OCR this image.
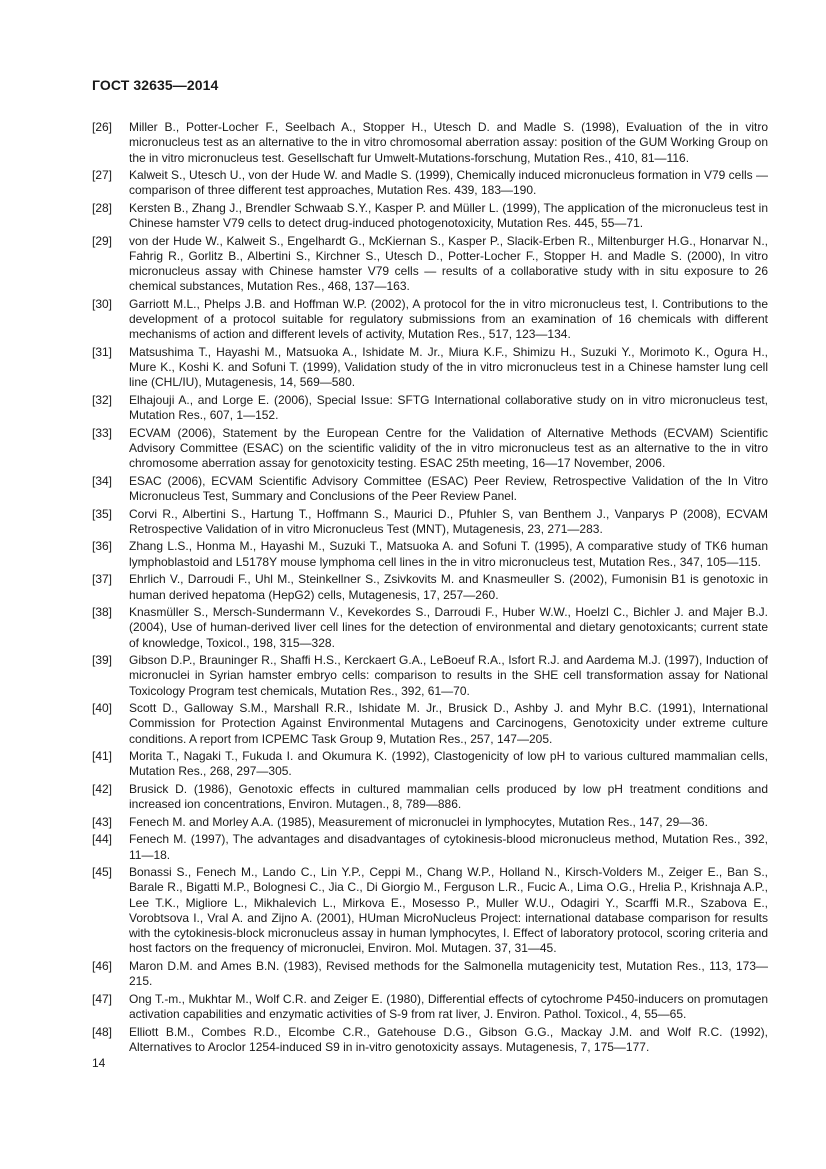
ГОСТ 32635—2014
[26]	Miller B., Potter-Locher F., Seelbach A., Stopper H., Utesch D. and Madle S. (1998), Evaluation of the in vitro micronucleus test as an alternative to the in vitro chromosomal aberration assay: position of the GUM Working Group on the in vitro micronucleus test. Gesellschaft fur Umwelt-Mutations-forschung, Mutation Res., 410, 81—116.
[27]	Kalweit S., Utesch U., von der Hude W. and Madle S. (1999), Chemically induced micronucleus formation in V79 cells — comparison of three different test approaches, Mutation Res. 439, 183—190.
[28]	Kersten B., Zhang J., Brendler Schwaab S.Y., Kasper P. and Müller L. (1999), The application of the micronucleus test in Chinese hamster V79 cells to detect drug-induced photogenotoxicity, Mutation Res. 445, 55—71.
[29]	von der Hude W., Kalweit S., Engelhardt G., McKiernan S., Kasper P., Slacik-Erben R., Miltenburger H.G., Honarvar N., Fahrig R., Gorlitz B., Albertini S., Kirchner S., Utesch D., Potter-Locher F., Stopper H. and Madle S. (2000), In vitro micronucleus assay with Chinese hamster V79 cells — results of a collaborative study with in situ exposure to 26 chemical substances, Mutation Res., 468, 137—163.
[30]	Garriott M.L., Phelps J.B. and Hoffman W.P. (2002), A protocol for the in vitro micronucleus test, I. Contributions to the development of a protocol suitable for regulatory submissions from an examination of 16 chemicals with different mechanisms of action and different levels of activity, Mutation Res., 517, 123—134.
[31]	Matsushima T., Hayashi M., Matsuoka A., Ishidate M. Jr., Miura K.F., Shimizu H., Suzuki Y., Morimoto K., Ogura H., Mure K., Koshi K. and Sofuni T. (1999), Validation study of the in vitro micronucleus test in a Chinese hamster lung cell line (CHL/IU), Mutagenesis, 14, 569—580.
[32]	Elhajouji A., and Lorge E. (2006), Special Issue: SFTG International collaborative study on in vitro micronucleus test, Mutation Res., 607, 1—152.
[33]	ECVAM (2006), Statement by the European Centre for the Validation of Alternative Methods (ECVAM) Scientific Advisory Committee (ESAC) on the scientific validity of the in vitro micronucleus test as an alternative to the in vitro chromosome aberration assay for genotoxicity testing. ESAC 25th meeting, 16—17 November, 2006.
[34]	ESAC (2006), ECVAM Scientific Advisory Committee (ESAC) Peer Review, Retrospective Validation of the In Vitro Micronucleus Test, Summary and Conclusions of the Peer Review Panel.
[35]	Corvi R., Albertini S., Hartung T., Hoffmann S., Maurici D., Pfuhler S, van Benthem J., Vanparys P (2008), ECVAM Retrospective Validation of in vitro Micronucleus Test (MNT), Mutagenesis, 23, 271—283.
[36]	Zhang L.S., Honma M., Hayashi M., Suzuki T., Matsuoka A. and Sofuni T. (1995), A comparative study of TK6 human lymphoblastoid and L5178Y mouse lymphoma cell lines in the in vitro micronucleus test, Mutation Res., 347, 105—115.
[37]	Ehrlich V., Darroudi F., Uhl M., Steinkellner S., Zsivkovits M. and Knasmeuller S. (2002), Fumonisin B1 is genotoxic in human derived hepatoma (HepG2) cells, Mutagenesis, 17, 257—260.
[38]	Knasmüller S., Mersch-Sundermann V., Kevekordes S., Darroudi F., Huber W.W., Hoelzl C., Bichler J. and Majer B.J. (2004), Use of human-derived liver cell lines for the detection of environmental and dietary genotoxicants; current state of knowledge, Toxicol., 198, 315—328.
[39]	Gibson D.P., Brauninger R., Shaffi H.S., Kerckaert G.A., LeBoeuf R.A., Isfort R.J. and Aardema M.J. (1997), Induction of micronuclei in Syrian hamster embryo cells: comparison to results in the SHE cell transformation assay for National Toxicology Program test chemicals, Mutation Res., 392, 61—70.
[40]	Scott D., Galloway S.M., Marshall R.R., Ishidate M. Jr., Brusick D., Ashby J. and Myhr B.C. (1991), International Commission for Protection Against Environmental Mutagens and Carcinogens, Genotoxicity under extreme culture conditions. A report from ICPEMC Task Group 9, Mutation Res., 257, 147—205.
[41]	Morita T., Nagaki T., Fukuda I. and Okumura K. (1992), Clastogenicity of low pH to various cultured mammalian cells, Mutation Res., 268, 297—305.
[42]	Brusick D. (1986), Genotoxic effects in cultured mammalian cells produced by low pH treatment conditions and increased ion concentrations, Environ. Mutagen., 8, 789—886.
[43]	Fenech M. and Morley A.A. (1985), Measurement of micronuclei in lymphocytes, Mutation Res., 147, 29—36.
[44]	Fenech M. (1997), The advantages and disadvantages of cytokinesis-blood micronucleus method, Mutation Res., 392, 11—18.
[45]	Bonassi S., Fenech M., Lando C., Lin Y.P., Ceppi M., Chang W.P., Holland N., Kirsch-Volders M., Zeiger E., Ban S., Barale R., Bigatti M.P., Bolognesi C., Jia C., Di Giorgio M., Ferguson L.R., Fucic A., Lima O.G., Hrelia P., Krishnaja A.P., Lee T.K., Migliore L., Mikhalevich L., Mirkova E., Mosesso P., Muller W.U., Odagiri Y., Scarffi M.R., Szabova E., Vorobtsova I., Vral A. and Zijno A. (2001), HUman MicroNucleus Project: international database comparison for results with the cytokinesis-block micronucleus assay in human lymphocytes, I. Effect of laboratory protocol, scoring criteria and host factors on the frequency of micronuclei, Environ. Mol. Mutagen. 37, 31—45.
[46]	Maron D.M. and Ames B.N. (1983), Revised methods for the Salmonella mutagenicity test, Mutation Res., 113, 173—215.
[47]	Ong T.-m., Mukhtar M., Wolf C.R. and Zeiger E. (1980), Differential effects of cytochrome P450-inducers on promutagen activation capabilities and enzymatic activities of S-9 from rat liver, J. Environ. Pathol. Toxicol., 4, 55—65.
[48]	Elliott B.M., Combes R.D., Elcombe C.R., Gatehouse D.G., Gibson G.G., Mackay J.M. and Wolf R.C. (1992), Alternatives to Aroclor 1254-induced S9 in in-vitro genotoxicity assays. Mutagenesis, 7, 175—177.
14
